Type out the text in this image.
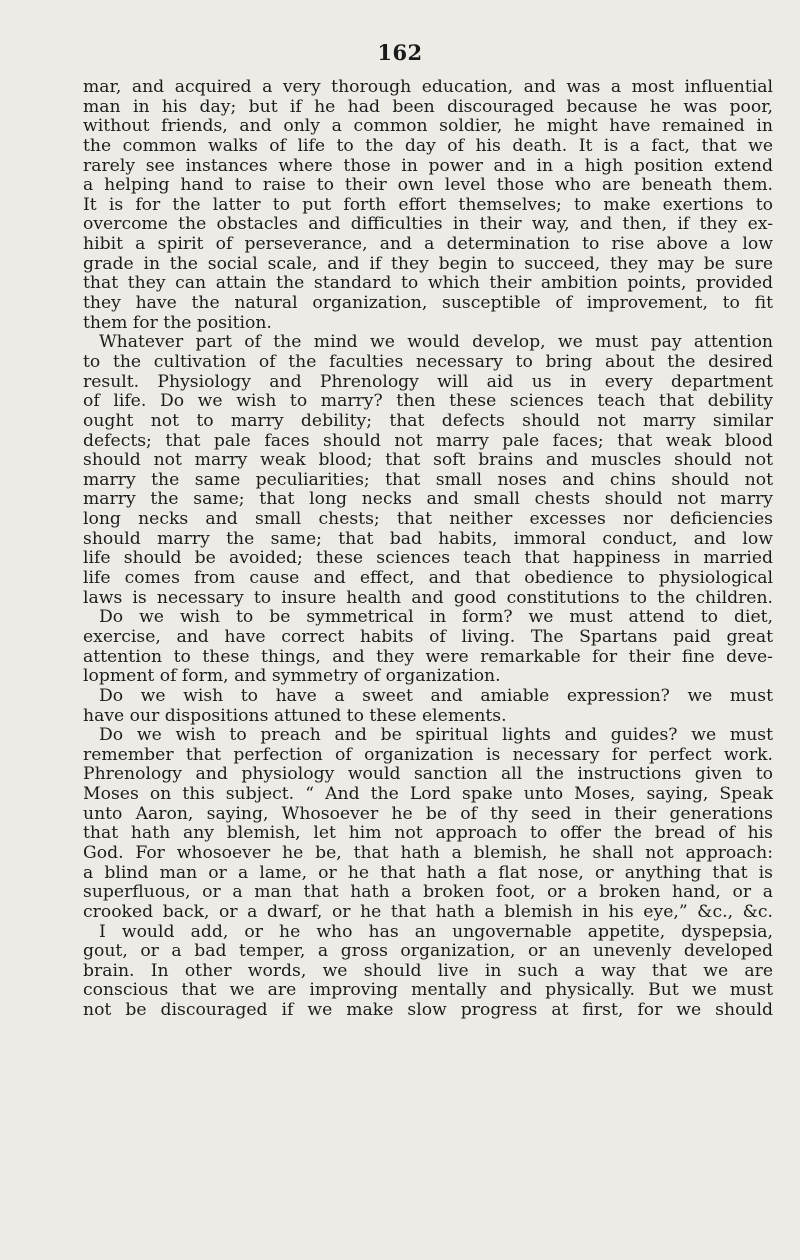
162
mar, and acquired a very thorough education, and was a most influential
man in his day; but if he had been discouraged because he was poor,
without friends, and only a common soldier, he might have remained in
the common walks of life to the day of his death. It is a fact, that we
rarely see instances where those in power and in a high position extend
a helping hand to raise to their own level those who are beneath them.
It is for the latter to put forth effort themselves; to make exertions to
overcome the obstacles and difficulties in their way, and then, if they ex-
hibit a spirit of perseverance, and a determination to rise above a low
grade in the social scale, and if they begin to succeed, they may be sure
that they can attain the standard to which their ambition points, provided
they have the natural organization, susceptible of improvement, to fit
them for the position.
Whatever part of the mind we would develop, we must pay attention
to the cultivation of the faculties necessary to bring about the desired
result. Physiology and Phrenology will aid us in every department
of life. Do we wish to marry? then these sciences teach that debility
ought not to marry debility; that defects should not marry similar
defects; that pale faces should not marry pale faces; that weak blood
should not marry weak blood; that soft brains and muscles should not
marry the same peculiarities; that small noses and chins should not
marry the same; that long necks and small chests should not marry
long necks and small chests; that neither excesses nor deficiencies
should marry the same; that bad habits, immoral conduct, and low
life should be avoided; these sciences teach that happiness in married
life comes from cause and effect, and that obedience to physiological
laws is necessary to insure health and good constitutions to the children.
Do we wish to be symmetrical in form? we must attend to diet,
exercise, and have correct habits of living. The Spartans paid great
attention to these things, and they were remarkable for their fine deve-
lopment of form, and symmetry of organization.
Do we wish to have a sweet and amiable expression? we must
have our dispositions attuned to these elements.
Do we wish to preach and be spiritual lights and guides? we must
remember that perfection of organization is necessary for perfect work.
Phrenology and physiology would sanction all the instructions given to
Moses on this subject. “ And the Lord spake unto Moses, saying, Speak
unto Aaron, saying, Whosoever he be of thy seed in their generations
that hath any blemish, let him not approach to offer the bread of his
God. For whosoever he be, that hath a blemish, he shall not approach:
a blind man or a lame, or he that hath a flat nose, or anything that is
superfluous, or a man that hath a broken foot, or a broken hand, or a
crooked back, or a dwarf, or he that hath a blemish in his eye,” &c., &c.
I would add, or he who has an ungovernable appetite, dyspepsia,
gout, or a bad temper, a gross organization, or an unevenly developed
brain. In other words, we should live in such a way that we are
conscious that we are improving mentally and physically. But we must
not be discouraged if we make slow progress at first, for we should
